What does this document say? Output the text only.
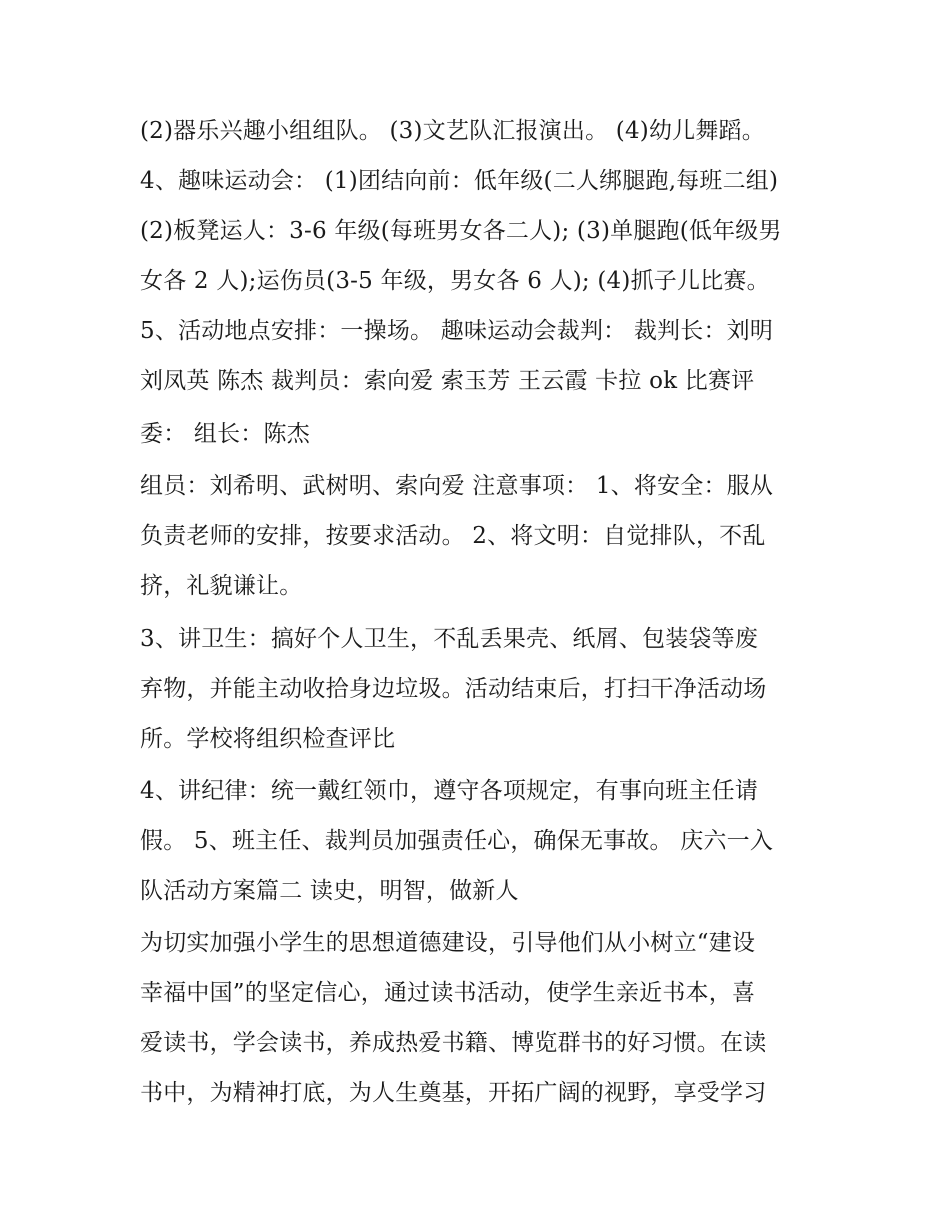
(2)器乐兴趣小组组队。 (3)文艺队汇报演出。 (4)幼儿舞蹈。
4、趣味运动会： (1)团结向前：低年级(二人绑腿跑,每班二组)
(2)板凳运人：3-6 年级(每班男女各二人); (3)单腿跑(低年级男
女各 2 人);运伤员(3-5 年级，男女各 6 人); (4)抓子儿比赛。
5、活动地点安排：一操场。 趣味运动会裁判： 裁判长：刘明
刘凤英 陈杰 裁判员：索向爱 索玉芳 王云霞 卡拉 ok 比赛评
委： 组长：陈杰
组员：刘希明、武树明、索向爱 注意事项： 1、将安全：服从
负责老师的安排，按要求活动。 2、将文明：自觉排队，不乱
挤，礼貌谦让。
3、讲卫生：搞好个人卫生，不乱丢果壳、纸屑、包装袋等废
弃物，并能主动收拾身边垃圾。活动结束后，打扫干净活动场
所。学校将组织检查评比
4、讲纪律：统一戴红领巾，遵守各项规定，有事向班主任请
假。 5、班主任、裁判员加强责任心，确保无事故。 庆六一入
队活动方案篇二 读史，明智，做新人
为切实加强小学生的思想道德建设，引导他们从小树立“建设
幸福中国”的坚定信心，通过读书活动，使学生亲近书本，喜
爱读书，学会读书，养成热爱书籍、博览群书的好习惯。在读
书中，为精神打底，为人生奠基，开拓广阔的视野，享受学习
